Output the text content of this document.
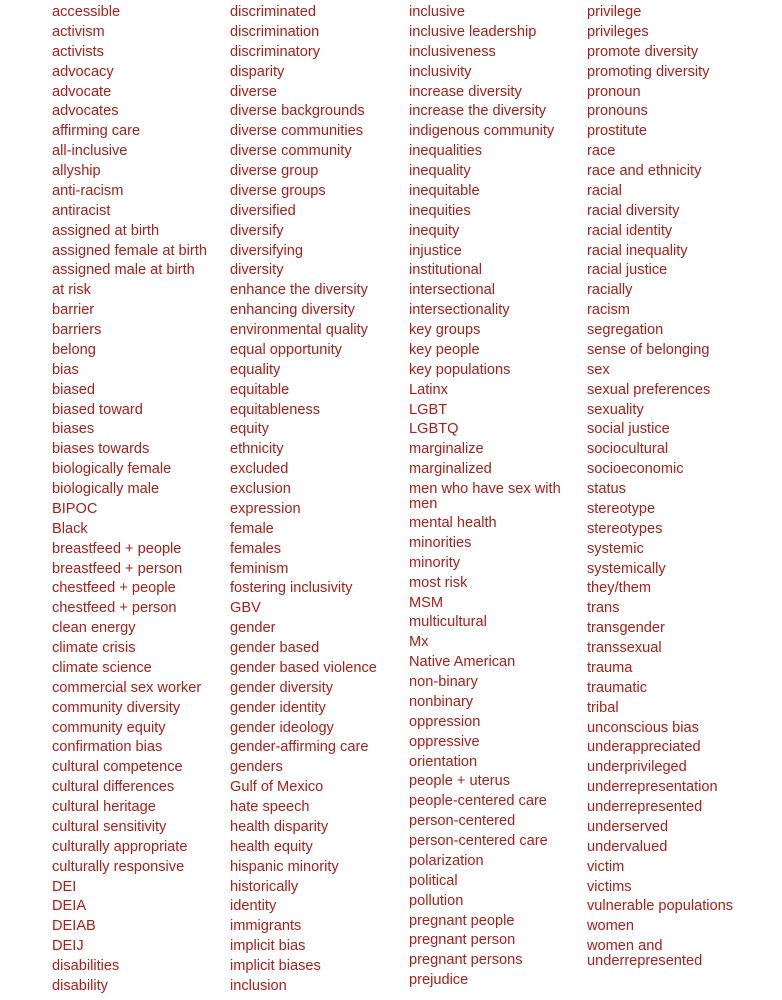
accessible
activism
activists
advocacy
advocate
advocates
affirming care
all-inclusive
allyship
anti-racism
antiracist
assigned at birth
assigned female at birth
assigned male at birth
at risk
barrier
barriers
belong
bias
biased
biased toward
biases
biases towards
biologically female
biologically male
BIPOC
Black
breastfeed + people
breastfeed + person
chestfeed + people
chestfeed + person
clean energy
climate crisis
climate science
commercial sex worker
community diversity
community equity
confirmation bias
cultural competence
cultural differences
cultural heritage
cultural sensitivity
culturally appropriate
culturally responsive
DEI
DEIA
DEIAB
DEIJ
disabilities
disability
discriminated
discrimination
discriminatory
disparity
diverse
diverse backgrounds
diverse communities
diverse community
diverse group
diverse groups
diversified
diversify
diversifying
diversity
enhance the diversity
enhancing diversity
environmental quality
equal opportunity
equality
equitable
equitableness
equity
ethnicity
excluded
exclusion
expression
female
females
feminism
fostering inclusivity
GBV
gender
gender based
gender based violence
gender diversity
gender identity
gender ideology
gender-affirming care
genders
Gulf of Mexico
hate speech
health disparity
health equity
hispanic minority
historically
identity
immigrants
implicit bias
implicit biases
inclusion
inclusive
inclusive leadership
inclusiveness
inclusivity
increase diversity
increase the diversity
indigenous community
inequalities
inequality
inequitable
inequities
inequity
injustice
institutional
intersectional
intersectionality
key groups
key people
key populations
Latinx
LGBT
LGBTQ
marginalize
marginalized
men who have sex with men
mental health
minorities
minority
most risk
MSM
multicultural
Mx
Native American
non-binary
nonbinary
oppression
oppressive
orientation
people + uterus
people-centered care
person-centered
person-centered care
polarization
political
pollution
pregnant people
pregnant person
pregnant persons
prejudice
privilege
privileges
promote diversity
promoting diversity
pronoun
pronouns
prostitute
race
race and ethnicity
racial
racial diversity
racial identity
racial inequality
racial justice
racially
racism
segregation
sense of belonging
sex
sexual preferences
sexuality
social justice
sociocultural
socioeconomic
status
stereotype
stereotypes
systemic
systemically
they/them
trans
transgender
transsexual
trauma
traumatic
tribal
unconscious bias
underappreciated
underprivileged
underrepresentation
underrepresented
underserved
undervalued
victim
victims
vulnerable populations
women
women and underrepresented
